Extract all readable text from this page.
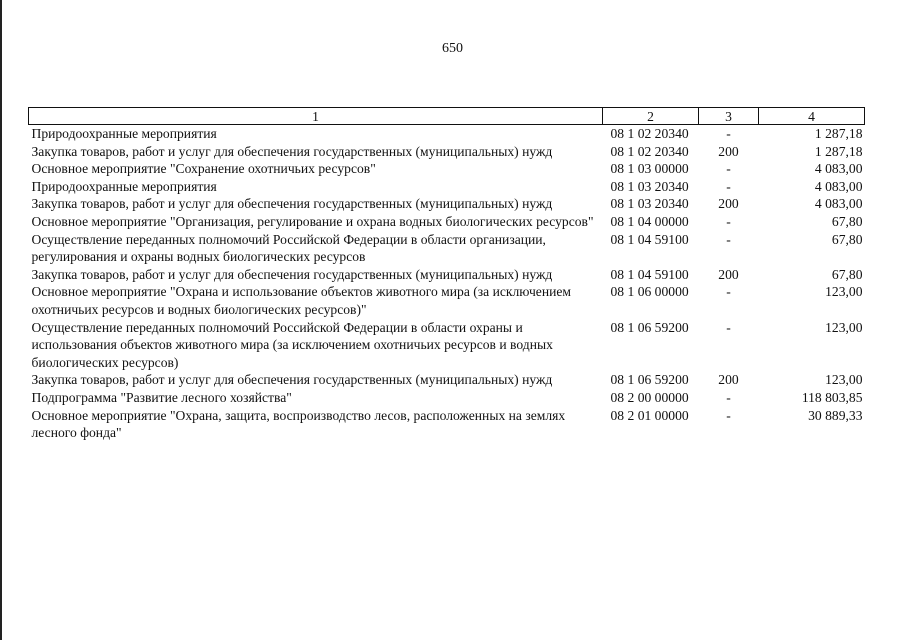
650
1	2	3	4
Природоохранные мероприятия	08 1 02 20340	-	1 287,18
Закупка товаров, работ и услуг для обеспечения государственных (муниципальных) нужд	08 1 02 20340	200	1 287,18
Основное мероприятие "Сохранение охотничьих ресурсов"	08 1 03 00000	-	4 083,00
Природоохранные мероприятия	08 1 03 20340	-	4 083,00
Закупка товаров, работ и услуг для обеспечения государственных (муниципальных) нужд	08 1 03 20340	200	4 083,00
Основное мероприятие "Организация, регулирование и охрана водных биологических ресурсов"	08 1 04 00000	-	67,80
Осуществление переданных полномочий Российской Федерации в области организации, регулирования и охраны водных биологических ресурсов	08 1 04 59100	-	67,80
Закупка товаров, работ и услуг для обеспечения государственных (муниципальных) нужд	08 1 04 59100	200	67,80
Основное мероприятие "Охрана и использование объектов животного мира (за исключением охотничьих ресурсов и водных биологических ресурсов)"	08 1 06 00000	-	123,00
Осуществление переданных полномочий Российской Федерации в области охраны и использования объектов животного мира (за исключением охотничьих ресурсов и водных биологических ресурсов)	08 1 06 59200	-	123,00
Закупка товаров, работ и услуг для обеспечения государственных (муниципальных) нужд	08 1 06 59200	200	123,00
Подпрограмма "Развитие лесного хозяйства"	08 2 00 00000	-	118 803,85
Основное мероприятие "Охрана, защита, воспроизводство лесов, расположенных на землях лесного фонда"	08 2 01 00000	-	30 889,33
